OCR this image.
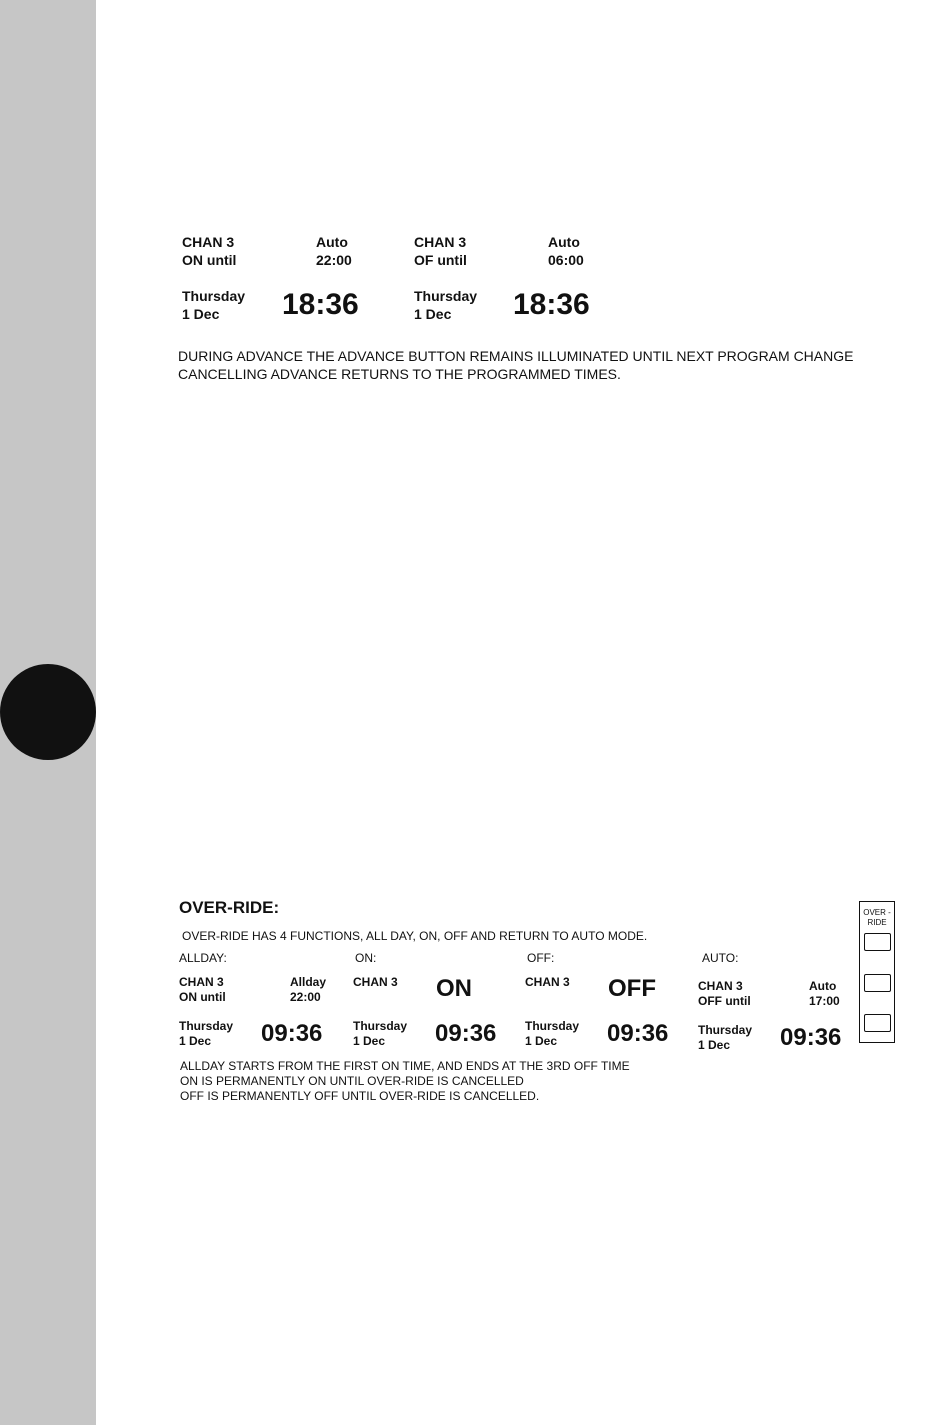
CHAN 3
ON until
Auto
22:00
Thursday
1 Dec 18:36
CHAN 3
OF until
Auto
06:00
Thursday
1 Dec 18:36
DURING ADVANCE THE ADVANCE BUTTON REMAINS ILLUMINATED UNTIL NEXT PROGRAM CHANGE
CANCELLING ADVANCE RETURNS TO THE PROGRAMMED TIMES.
OVER-RIDE:
OVER-RIDE HAS 4 FUNCTIONS, ALL DAY, ON, OFF AND RETURN TO AUTO MODE.
ALLDAY:
CHAN 3
ON until
Allday
22:00
Thursday
1 Dec 09:36
ON:
CHAN 3 ON
Thursday
1 Dec 09:36
OFF:
CHAN 3 OFF
Thursday
1 Dec 09:36
AUTO:
CHAN 3
OFF until
Auto
17:00
Thursday
1 Dec 09:36
ALLDAY STARTS FROM THE FIRST ON TIME, AND ENDS AT THE 3RD OFF TIME
ON IS PERMANENTLY ON UNTIL OVER-RIDE IS CANCELLED
OFF IS PERMANENTLY OFF UNTIL OVER-RIDE IS CANCELLED.
OVER -RIDE
